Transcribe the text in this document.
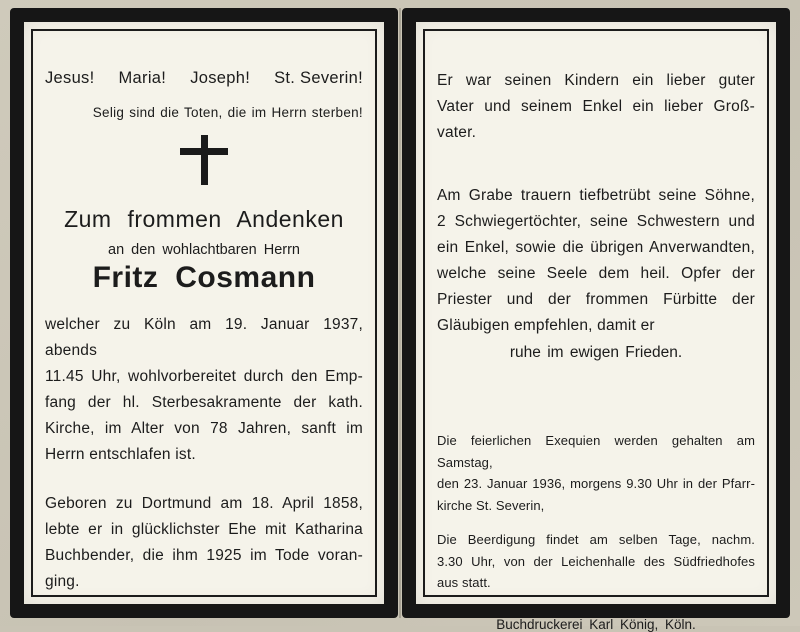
Jesus! Maria! Joseph! St. Severin!
Selig sind die Toten, die im Herrn sterben!
Zum frommen Andenken
an den wohlachtbaren Herrn
Fritz Cosmann
welcher zu Köln am 19. Januar 1937, abends
11.45 Uhr, wohlvorbereitet durch den Emp-
fang der hl. Sterbesakramente der kath.
Kirche, im Alter von 78 Jahren, sanft im
Herrn entschlafen ist.
Geboren zu Dortmund am 18. April 1858,
lebte er in glücklichster Ehe mit Katharina
Buchbender, die ihm 1925 im Tode voran-
ging.
Er war seinen Kindern ein lieber guter
Vater und seinem Enkel ein lieber Groß-
vater.
Am Grabe trauern tiefbetrübt seine Söhne,
2 Schwiegertöchter, seine Schwestern und
ein Enkel, sowie die übrigen Anverwandten,
welche seine Seele dem heil. Opfer der
Priester und der frommen Fürbitte der
Gläubigen empfehlen, damit er
ruhe im ewigen Frieden.
Die feierlichen Exequien werden gehalten am Samstag,
den 23. Januar 1936, morgens 9.30 Uhr in der Pfarr-
kirche St. Severin,
Die Beerdigung findet am selben Tage, nachm.
3.30 Uhr, von der Leichenhalle des Südfriedhofes
aus statt.
Buchdruckerei Karl König, Köln.
